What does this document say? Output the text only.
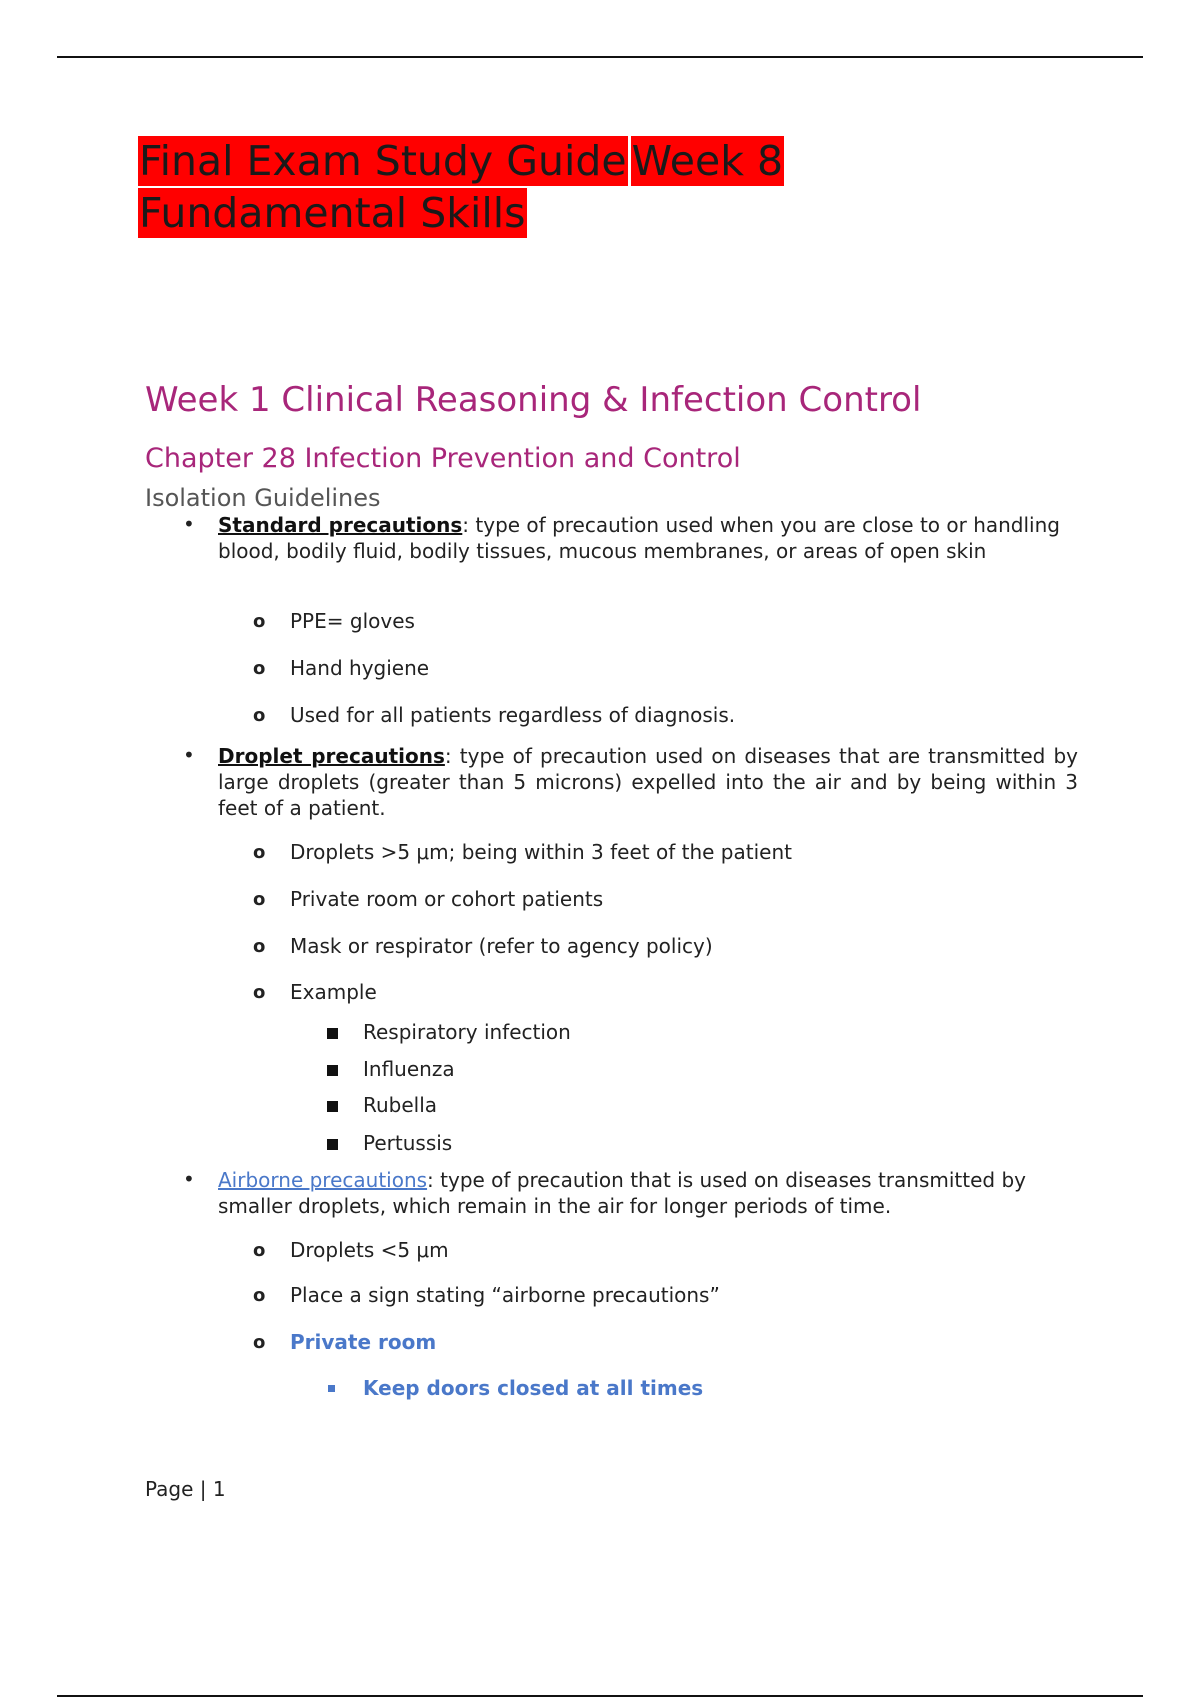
Final Exam Study Guide Week 8
Fundamental Skills
Week 1 Clinical Reasoning & Infection Control
Chapter 28 Infection Prevention and Control
Isolation Guidelines
• Standard precautions: type of precaution used when you are close to or handling blood, bodily fluid, bodily tissues, mucous membranes, or areas of open skin
o PPE= gloves
o Hand hygiene
o Used for all patients regardless of diagnosis.
• Droplet precautions: type of precaution used on diseases that are transmitted by large droplets (greater than 5 microns) expelled into the air and by being within 3 feet of a patient.
o Droplets >5 μm; being within 3 feet of the patient
o Private room or cohort patients
o Mask or respirator (refer to agency policy)
o Example
Respiratory infection
Influenza
Rubella
Pertussis
• Airborne precautions: type of precaution that is used on diseases transmitted by smaller droplets, which remain in the air for longer periods of time.
o Droplets <5 μm
o Place a sign stating “airborne precautions”
o Private room
Keep doors closed at all times
Page | 1
